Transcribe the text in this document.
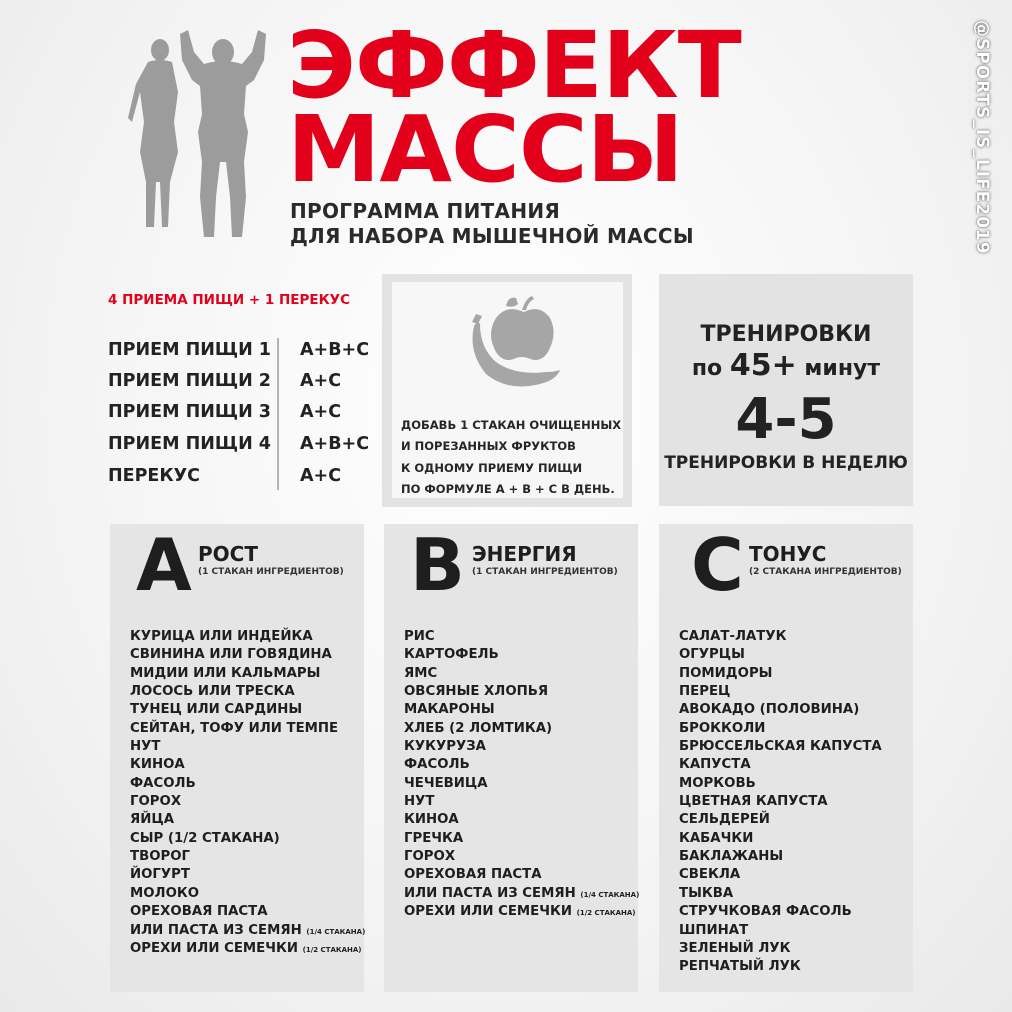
ЭФФЕКТ
МАССЫ
ПРОГРАММА ПИТАНИЯ
ДЛЯ НАБОРА МЫШЕЧНОЙ МАССЫ	@SPORTS_IS_LIFE2019
4 ПРИЕМА ПИЩИ + 1 ПЕРЕКУС
ПРИЕМ ПИЩИ 1 A+B+C
ПРИЕМ ПИЩИ 2 A+C
ПРИЕМ ПИЩИ 3 A+C
ПРИЕМ ПИЩИ 4 A+B+C
ПЕРЕКУС	A+C
ДОБАВЬ 1 СТАКАН ОЧИЩЕННЫХ
И ПОРЕЗАННЫХ ФРУКТОВ
К ОДНОМУ ПРИЕМУ ПИЩИ
ПО ФОРМУЛЕ А + В + С В ДЕНЬ.
ТРЕНИРОВКИ
по 45+ минут
4-5
ТРЕНИРОВКИ В НЕДЕЛЮ
A РОСТ
(1 СТАКАН ИНГРЕДИЕНТОВ)
КУРИЦА ИЛИ ИНДЕЙКА
СВИНИНА ИЛИ ГОВЯДИНА
МИДИИ ИЛИ КАЛЬМАРЫ
ЛОСОСЬ ИЛИ ТРЕСКА
ТУНЕЦ ИЛИ САРДИНЫ
СЕЙТАН, ТОФУ ИЛИ ТЕМПЕ
НУТ
КИНОА
ФАСОЛЬ
ГОРОХ
ЯЙЦА
СЫР (1/2 СТАКАНА)
ТВОРОГ
ЙОГУРТ
МОЛОКО
ОРЕХОВАЯ ПАСТА
ИЛИ ПАСТА ИЗ СЕМЯН (1/4 СТАКАНА)
ОРЕХИ ИЛИ СЕМЕЧКИ (1/2 СТАКАНА)
B ЭНЕРГИЯ
(1 СТАКАН ИНГРЕДИЕНТОВ)
РИС
КАРТОФЕЛЬ
ЯМС
ОВСЯНЫЕ ХЛОПЬЯ
МАКАРОНЫ
ХЛЕБ (2 ЛОМТИКА)
КУКУРУЗА
ФАСОЛЬ
ЧЕЧЕВИЦА
НУТ
КИНОА
ГРЕЧКА
ГОРОХ
ОРЕХОВАЯ ПАСТА
ИЛИ ПАСТА ИЗ СЕМЯН (1/4 СТАКАНА)
ОРЕХИ ИЛИ СЕМЕЧКИ (1/2 СТАКАНА)
C ТОНУС
(2 СТАКАНА ИНГРЕДИЕНТОВ)
САЛАТ-ЛАТУК
ОГУРЦЫ
ПОМИДОРЫ
ПЕРЕЦ
АВОКАДО (ПОЛОВИНА)
БРОККОЛИ
БРЮССЕЛЬСКАЯ КАПУСТА
КАПУСТА
МОРКОВЬ
ЦВЕТНАЯ КАПУСТА
СЕЛЬДЕРЕЙ
КАБАЧКИ
БАКЛАЖАНЫ
СВЕКЛА
ТЫКВА
СТРУЧКОВАЯ ФАСОЛЬ
ШПИНАТ
ЗЕЛЕНЫЙ ЛУК
РЕПЧАТЫЙ ЛУК
